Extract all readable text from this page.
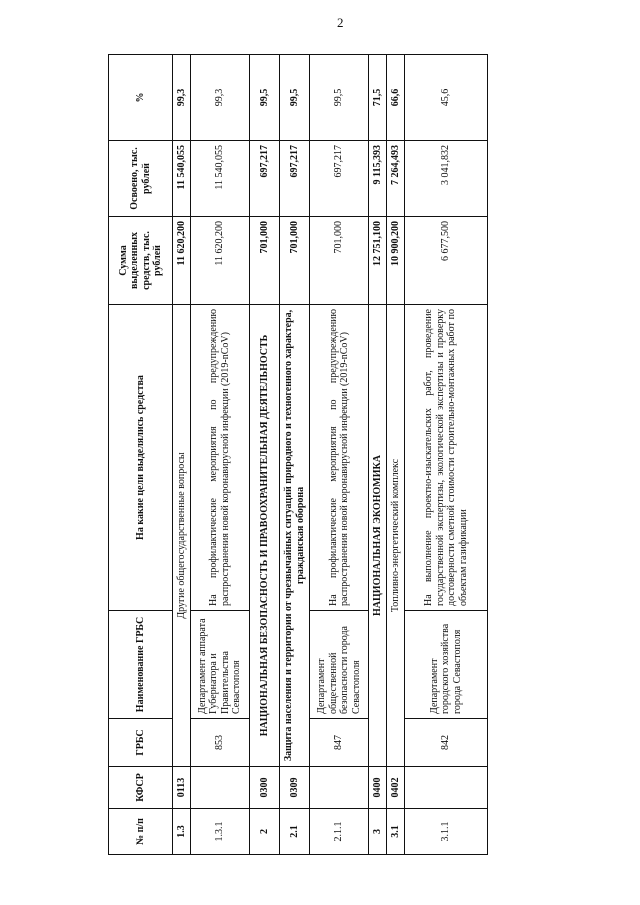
2
№ п/п	КФСР	ГРБС	Наименование ГРБС	На какие цели выделялись средства	Сумма выделенных средств, тыс. рублей	Освоено, тыс. рублей	%
1.3	0113	Другие общегосударственные вопросы			11 620,200	11 540,055	99,3
1.3.1		853	Департамент аппарата Губернатора и Правительства Севастополя	На профилактические мероприятия по предупреждению распространения новой коронавирусной инфекции (2019-nCoV)	11 620,200	11 540,055	99,3
2	0300	НАЦИОНАЛЬНАЯ БЕЗОПАСНОСТЬ И ПРАВООХРАНИТЕЛЬНАЯ ДЕЯТЕЛЬНОСТЬ			701,000	697,217	99,5
2.1	0309	Защита населения и территории от чрезвычайных ситуаций природного и техногенного характера, гражданская оборона			701,000	697,217	99,5
2.1.1		847	Департамент общественной безопасности города Севастополя	На профилактические мероприятия по предупреждению распространения новой коронавирусной инфекции (2019-nCoV)	701,000	697,217	99,5
3	0400	НАЦИОНАЛЬНАЯ ЭКОНОМИКА			12 751,100	9 115,393	71,5
3.1	0402	Топливно-энергетический комплекс			10 900,200	7 264,493	66,6
3.1.1		842	Департамент городского хозяйства города Севастополя	На выполнение проектно-изыскательских работ, проведение государственной экспертизы, экологической экспертизы и проверку достоверности сметной стоимости строительно-монтажных работ по объектам газификации	6 677,500	3 041,832	45,6
